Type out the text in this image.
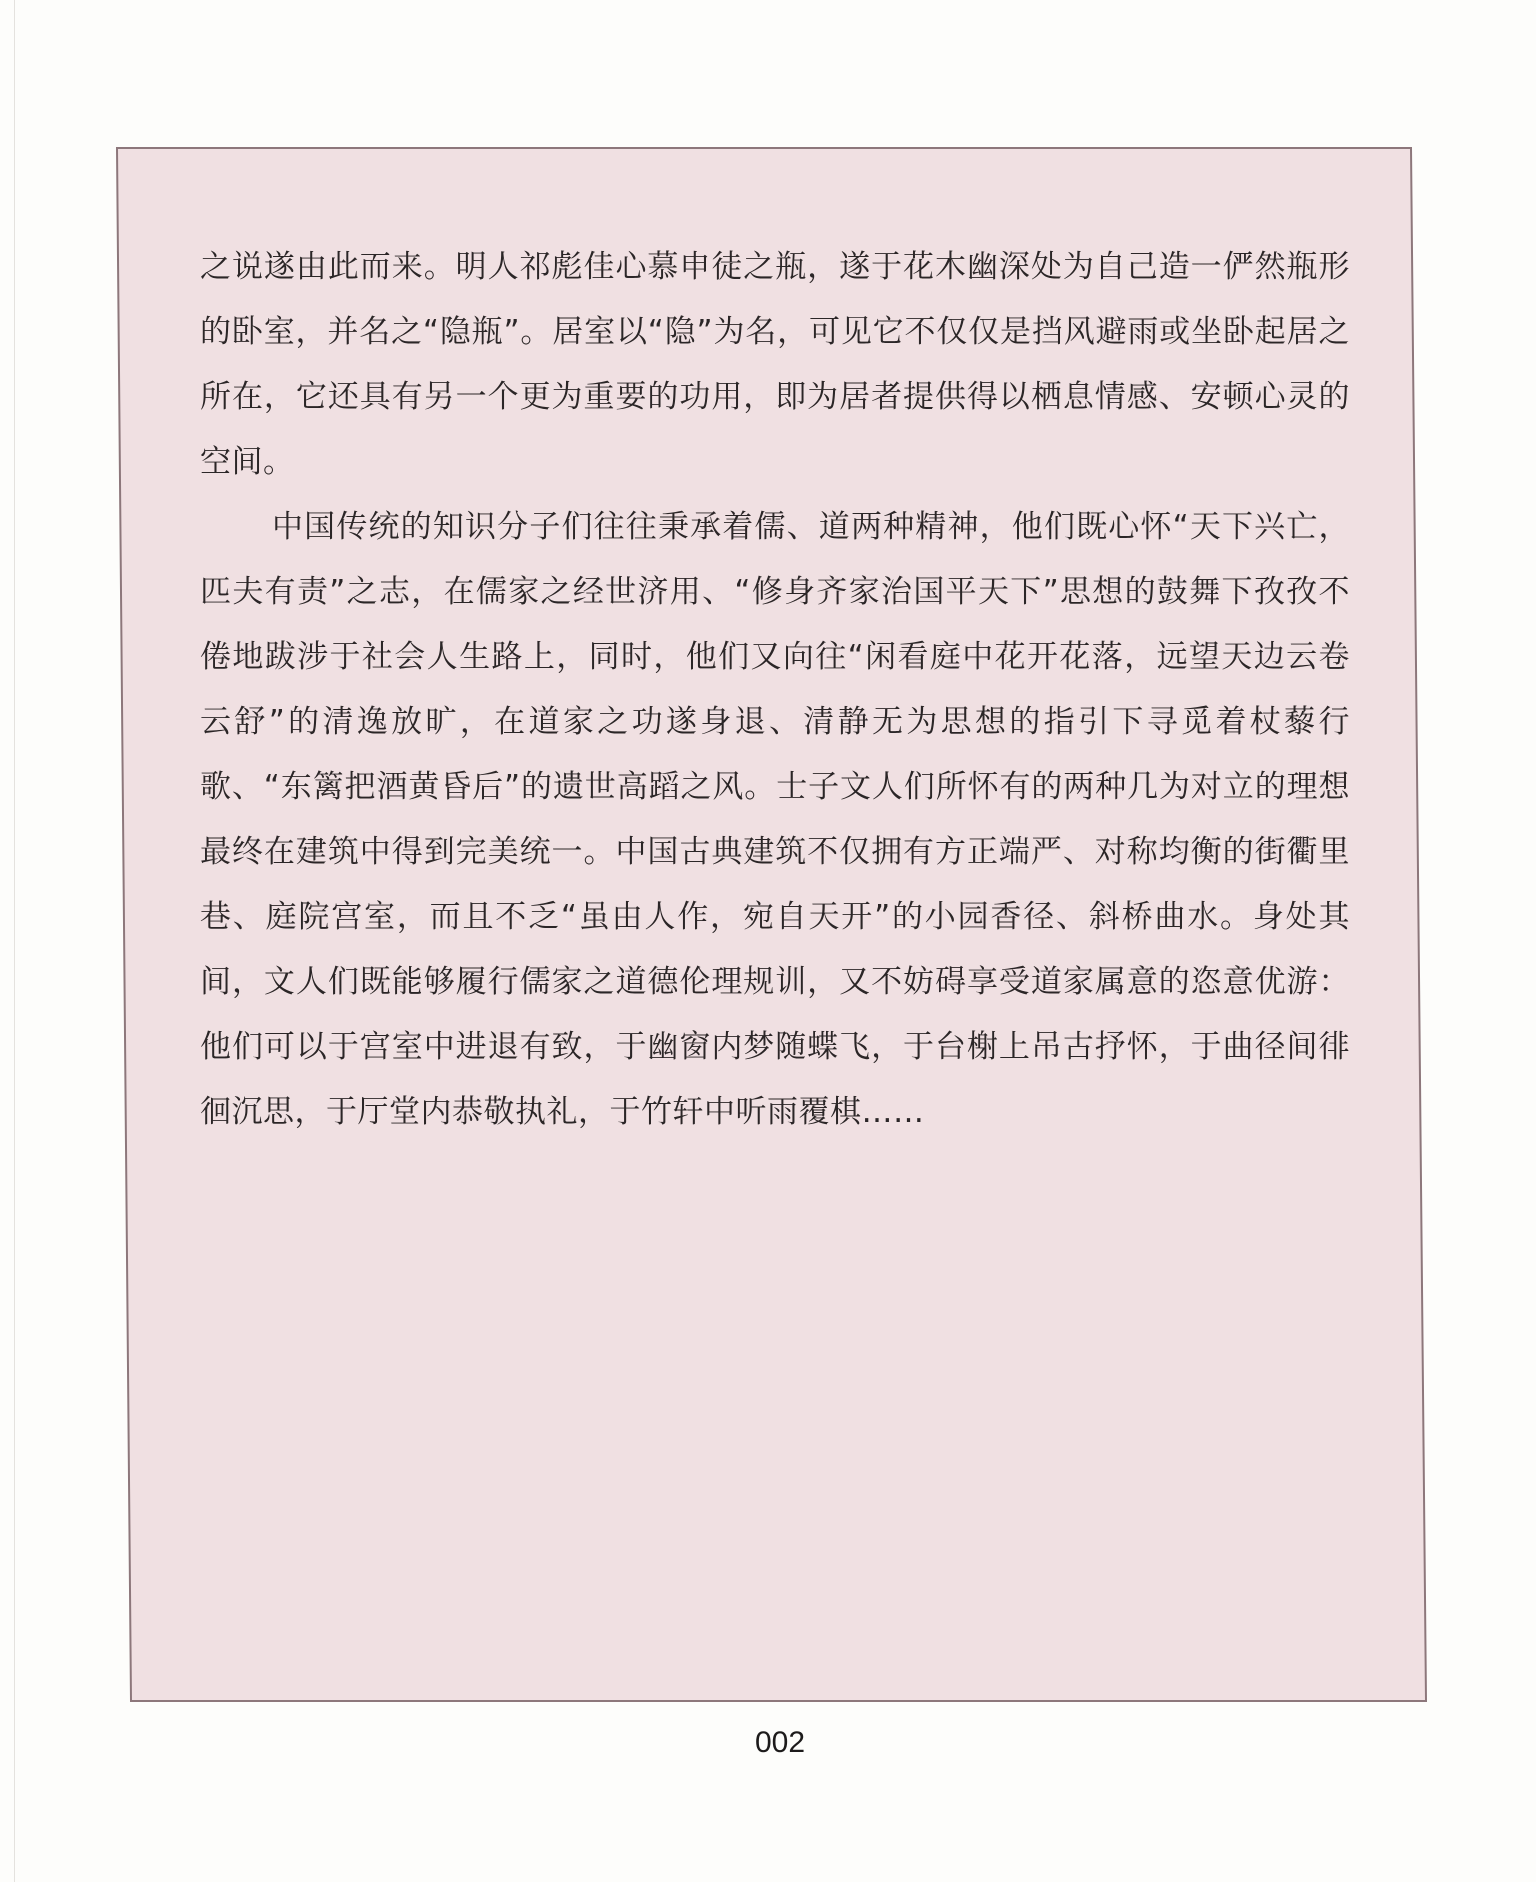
之说遂由此而来。明人祁彪佳心慕申徒之瓶，遂于花木幽深处为自己造一俨然瓶形的卧室，并名之“隐瓶”。居室以“隐”为名，可见它不仅仅是挡风避雨或坐卧起居之所在，它还具有另一个更为重要的功用，即为居者提供得以栖息情感、安顿心灵的空间。

中国传统的知识分子们往往秉承着儒、道两种精神，他们既心怀“天下兴亡，匹夫有责”之志，在儒家之经世济用、“修身齐家治国平天下”思想的鼓舞下孜孜不倦地跋涉于社会人生路上，同时，他们又向往“闲看庭中花开花落，远望天边云卷云舒”的清逸放旷，在道家之功遂身退、清静无为思想的指引下寻觅着杖藜行歌、“东篱把酒黄昏后”的遗世高蹈之风。士子文人们所怀有的两种几为对立的理想最终在建筑中得到完美统一。中国古典建筑不仅拥有方正端严、对称均衡的街衢里巷、庭院宫室，而且不乏“虽由人作，宛自天开”的小园香径、斜桥曲水。身处其间，文人们既能够履行儒家之道德伦理规训，又不妨碍享受道家属意的恣意优游：他们可以于宫室中进退有致，于幽窗内梦随蝶飞，于台榭上吊古抒怀，于曲径间徘徊沉思，于厅堂内恭敬执礼，于竹轩中听雨覆棋……

002
